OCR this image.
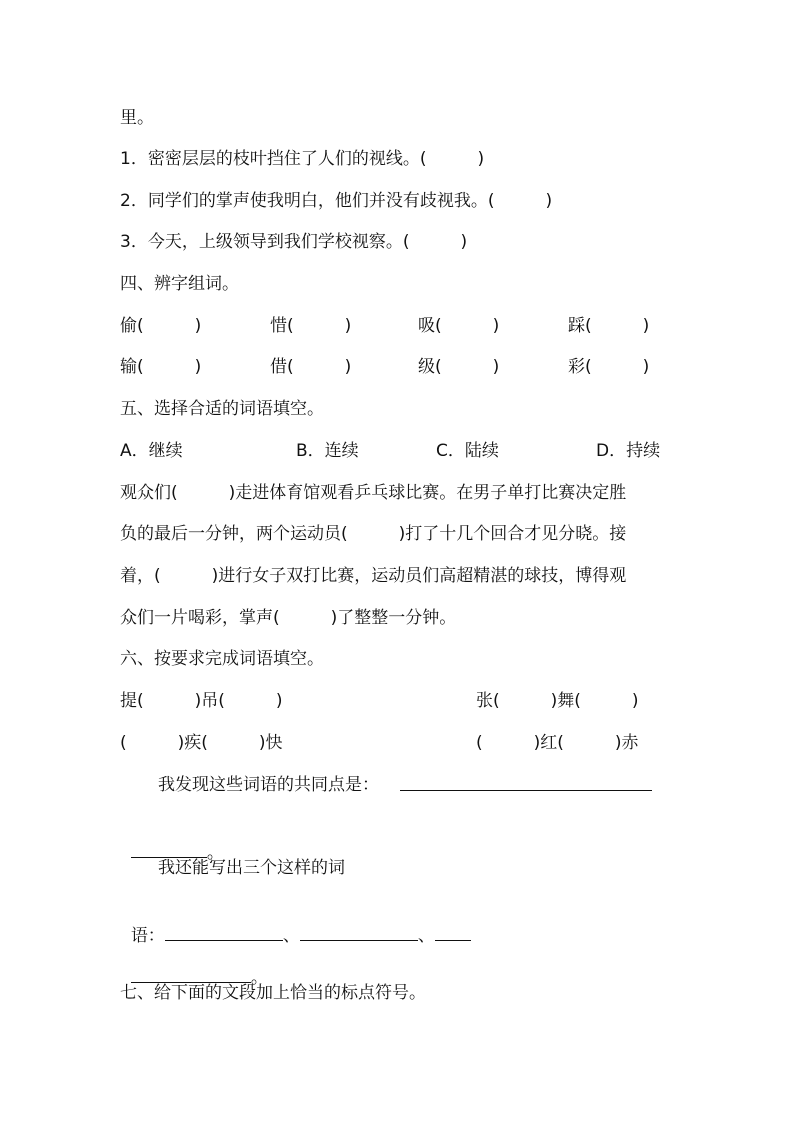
里。
1．密密层层的枝叶挡住了人们的视线。(　　　)
2．同学们的掌声使我明白，他们并没有歧视我。(　　　)
3．今天，上级领导到我们学校视察。(　　　)
四、辨字组词。
偷(　　　)	惜(　　　)	吸(　　　)	踩(　　　)
输(　　　)	借(　　　)	级(　　　)	彩(　　　)
五、选择合适的词语填空。
A．继续	B．连续	C．陆续	D．持续
观众们(　　　)走进体育馆观看乒乓球比赛。在男子单打比赛决定胜
负的最后一分钟，两个运动员(　　　)打了十几个回合才见分晓。接
着，(　　　)进行女子双打比赛，运动员们高超精湛的球技，博得观
众们一片喝彩，掌声(　　　)了整整一分钟。
六、按要求完成词语填空。
提(　　　)吊(　　　)	张(　　　)舞(　　　)
(　　　)疾(　　　)快	(　　　)红(　　　)赤
我发现这些词语的共同点是：

。

我还能写出三个这样的词

语：	、	、

。

七、给下面的文段加上恰当的标点符号。
